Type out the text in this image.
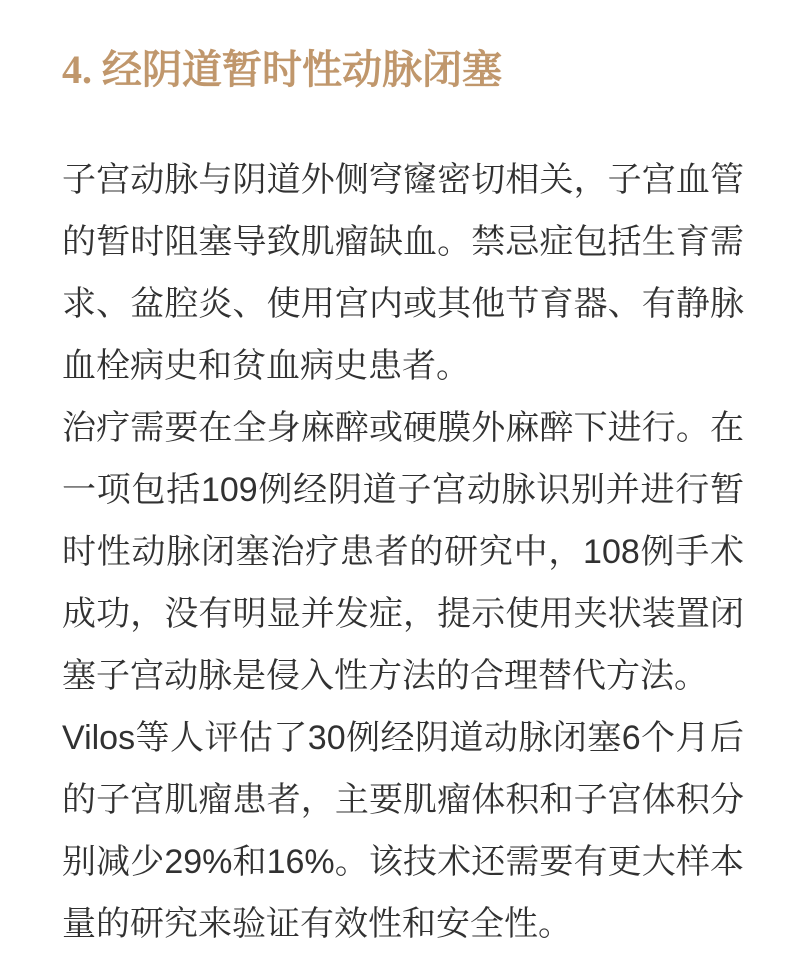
4. 经阴道暂时性动脉闭塞

子宫动脉与阴道外侧穹窿密切相关，子宫血管的暂时阻塞导致肌瘤缺血。禁忌症包括生育需求、盆腔炎、使用宫内或其他节育器、有静脉血栓病史和贫血病史患者。

治疗需要在全身麻醉或硬膜外麻醉下进行。在一项包括109例经阴道子宫动脉识别并进行暂时性动脉闭塞治疗患者的研究中，108例手术成功，没有明显并发症，提示使用夹状装置闭塞子宫动脉是侵入性方法的合理替代方法。

Vilos等人评估了30例经阴道动脉闭塞6个月后的子宫肌瘤患者，主要肌瘤体积和子宫体积分别减少29%和16%。该技术还需要有更大样本量的研究来验证有效性和安全性。
